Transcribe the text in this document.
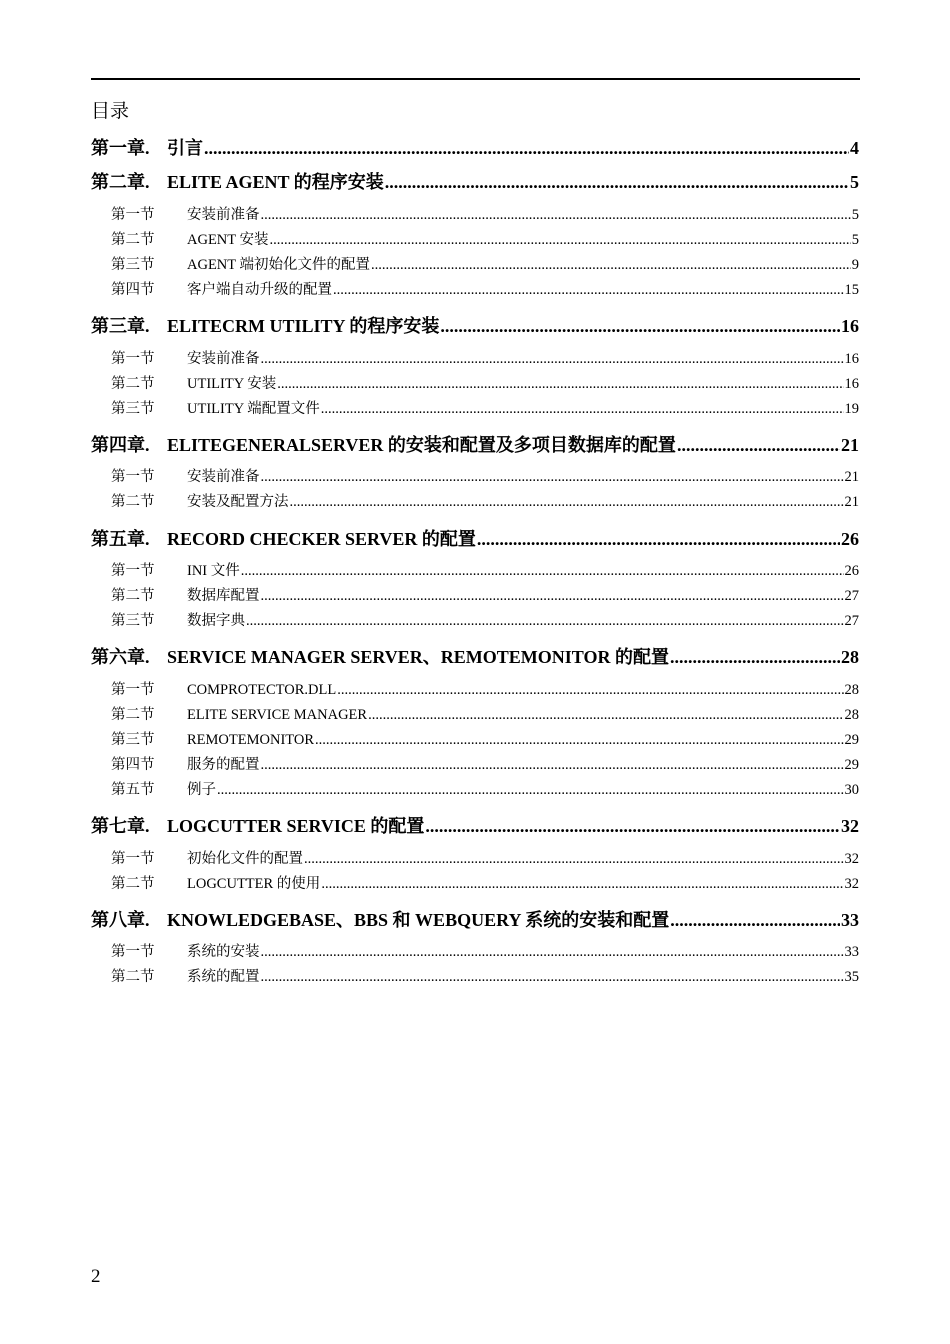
目录
第一章. 引言 .....	4
第二章. ELITE AGENT 的程序安装 .....	5
第一节	安装前准备 .....	5
第二节	AGENT 安装 .....	5
第三节	AGENT 端初始化文件的配置 .....	9
第四节	客户端自动升级的配置 .....	15
第三章. ELITECRM UTILITY 的程序安装 .....	16
第一节	安装前准备 .....	16
第二节	UTILITY 安装 .....	16
第三节	UTILITY 端配置文件 .....	19
第四章. ELITEGENERALSERVER 的安装和配置及多项目数据库的配置 .....	21
第一节	安装前准备 .....	21
第二节	安装及配置方法 .....	21
第五章. RECORD CHECKER SERVER 的配置 .....	26
第一节	INI 文件 .....	26
第二节	数据库配置 .....	27
第三节	数据字典 .....	27
第六章. SERVICE MANAGER SERVER、REMOTEMONITOR 的配置 .....	28
第一节	COMPROTECTOR.DLL .....	28
第二节	ELITE SERVICE MANAGER .....	28
第三节	REMOTEMONITOR .....	29
第四节	服务的配置 .....	29
第五节	例子 .....	30
第七章. LOGCUTTER SERVICE 的配置 .....	32
第一节	初始化文件的配置 .....	32
第二节	LOGCUTTER 的使用 .....	32
第八章. KNOWLEDGEBASE、BBS 和 WEBQUERY 系统的安装和配置 .....	33
第一节	系统的安装 .....	33
第二节	系统的配置 .....	35
2
